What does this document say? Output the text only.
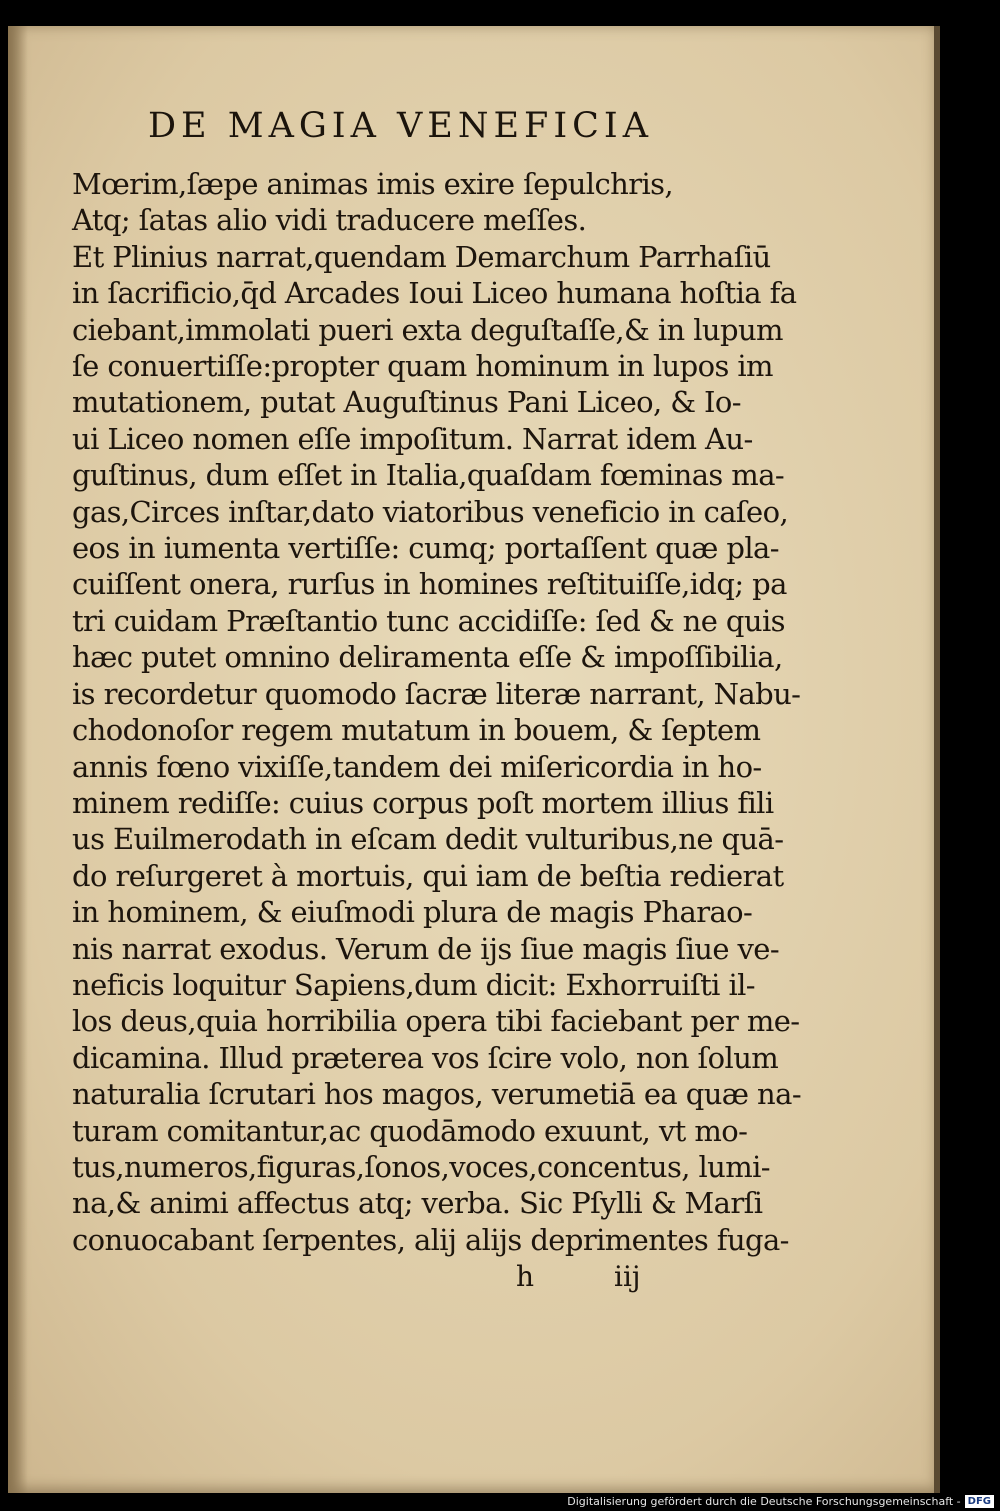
DE MAGIA VENEFICIA
Mœrim,ſæpe animas imis exire ſepulchris,
Atq; ſatas alio vidi traducere meſſes.
Et Plinius narrat,quendam Demarchum Parrhaſiū
in ſacrificio,q̄d Arcades Ioui Liceo humana hoſtia fa
ciebant,immolati pueri exta deguſtaſſe,& in lupum
ſe conuertiſſe:propter quam hominum in lupos im
mutationem, putat Auguſtinus Pani Liceo, & Io-
ui Liceo nomen eſſe impoſitum. Narrat idem Au-
guſtinus, dum eſſet in Italia,quaſdam fœminas ma-
gas,Circes inſtar,dato viatoribus veneficio in caſeo,
eos in iumenta vertiſſe: cumq; portaſſent quæ pla-
cuiſſent onera, rurſus in homines reſtituiſſe,idq; pa
tri cuidam Præſtantio tunc accidiſſe: ſed & ne quis
hæc putet omnino deliramenta eſſe & impoſſibilia,
is recordetur quomodo ſacræ literæ narrant, Nabu-
chodonoſor regem mutatum in bouem, & ſeptem
annis fœno vixiſſe,tandem dei miſericordia in ho-
minem rediſſe: cuius corpus poſt mortem illius fili
us Euilmerodath in eſcam dedit vulturibus,ne quā-
do reſurgeret à mortuis, qui iam de beſtia redierat
in hominem, & eiuſmodi plura de magis Pharao-
nis narrat exodus. Verum de ijs ſiue magis ſiue ve-
neficis loquitur Sapiens,dum dicit: Exhorruiſti il-
los deus,quia horribilia opera tibi faciebant per me-
dicamina. Illud præterea vos ſcire volo, non ſolum
naturalia ſcrutari hos magos, verumetiā ea quæ na-
turam comitantur,ac quodāmodo exuunt, vt mo-
tus,numeros,figuras,ſonos,voces,concentus, lumi-
na,& animi affectus atq; verba. Sic Pſylli & Marſi
conuocabant ſerpentes, alij alijs deprimentes fuga-
h	iij
Digitalisierung gefördert durch die Deutsche Forschungsgemeinschaft - DFG
